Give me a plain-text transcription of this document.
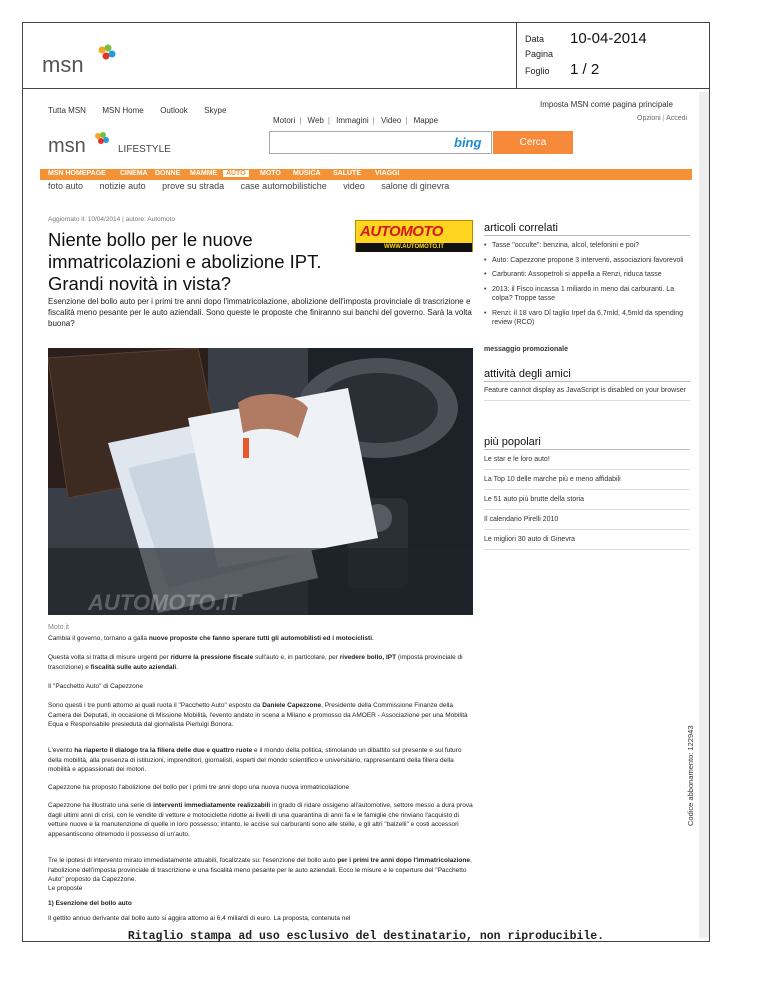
msn
Data 10-04-2014
Pagina
Foglio 1 / 2
Codice abbonamento: 122943
Tutta MSN MSN Home Outlook Skype
Imposta MSN come pagina principale
Motori | Web | Immagini | Video | Mappe	Opzioni | Accedi
msn	LIFESTYLE	bing	Cerca
MSN HOMEPAGE CINEMA DONNE MAMME	AUTO	MOTO MUSICA SALUTE VIAGGI
foto auto notizie auto prove su strada case automobilistiche video salone di ginevra
Aggiornato il: 10/04/2014 | autore: Automoto
Niente bollo per le nuove immatricolazioni e abolizione IPT. Grandi novità in vista?
AUTOMOTO
WWW.AUTOMOTO.IT

Esenzione del bollo auto per i primi tre anni dopo l'immatricolazione, abolizione dell'imposta provinciale di trascrizione e fiscalità meno pesante per le auto aziendali. Sono queste le proposte che finiranno sui banchi del governo. Sarà la volta buona?

AUTOMOTO.IT
Moto.it

Cambia il governo, tornano a galla nuove proposte che fanno sperare tutti gli automobilisti ed i motociclisti.

Questa volta si tratta di misure urgenti per ridurre la pressione fiscale sull'auto e, in particolare, per rivedere bollo, IPT (imposta provinciale di trascrizione) e fiscalità sulle auto aziendali.

Il "Pacchetto Auto" di Capezzone

Sono questi i tre punti attorno ai quali ruota il "Pacchetto Auto" esposto da Daniele Capezzone, Presidente della Commissione Finanze della Camera dei Deputati, in occasione di Missione Mobilità, l'evento andato in scena a Milano e promosso da AMOER - Associazione per una Mobilità Equa e Responsabile presieduta dal giornalista Pierluigi Bonora.

L'evento ha riaperto il dialogo tra la filiera delle due e quattro ruote e il mondo della politica, stimolando un dibattito sul presente e sul futuro della mobilità, alla presenza di istituzioni, imprenditori, giornalisti, esperti del mondo scientifico e universitario, rappresentanti della filiera della mobilità e appassionati dei motori.

Capezzone ha proposto l'abolizione del bollo per i primi tre anni dopo una nuova nuova immatricolazione

Capezzone ha illustrato una serie di interventi immediatamente realizzabili in grado di ridare ossigeno all'automotive, settore messo a dura prova dagli ultimi anni di crisi, con le vendite di vetture e motociclette ridotte ai livelli di una quarantina di anni fa e le famiglie che rinviano l'acquisto di vetture nuove e la manutenzione di quelle in loro possesso; intanto, le accise sui carburanti sono alle stelle, e gli altri "balzelli" e costi accessori appesantiscono oltremodo il possesso di un'auto.

Tre le ipotesi di intervento mirato immediatamente attuabili, focalizzate su: l'esenzione del bollo auto per i primi tre anni dopo l'immatricolazione, l'abolizione dell'imposta provinciale di trascrizione e una fiscalità meno pesante per le auto aziendali. Ecco le misure e le coperture del "Pacchetto Auto" proposto da Capezzone.

Le proposte

1) Esenzione del bollo auto

Il gettito annuo derivante dal bollo auto si aggira attorno ai 6,4 miliardi di euro. La proposta, contenuta nel

articoli correlati
• Tasse "occulte": benzina, alcol, telefonini e poi?
• Auto: Capezzone propone 3 interventi, associazioni favorevoli
• Carburanti: Assopetroli si appella a Renzi, riduca tasse
• 2013: il Fisco incassa 1 miliardo in meno dai carburanti. La colpa? Troppe tasse
• Renzi: il 18 varo Dl taglio Irpef da 6,7mld, 4,5mld da spending review (RCO)
messaggio promozionale
attività degli amici
Feature cannot display as JavaScript is disabled on your browser
più popolari
Le star e le loro auto!
La Top 10 delle marche più e meno affidabili
Le 51 auto più brutte della storia
Il calendario Pirelli 2010
Le migliori 30 auto di Ginevra
Ritaglio stampa ad uso esclusivo del destinatario, non riproducibile.
